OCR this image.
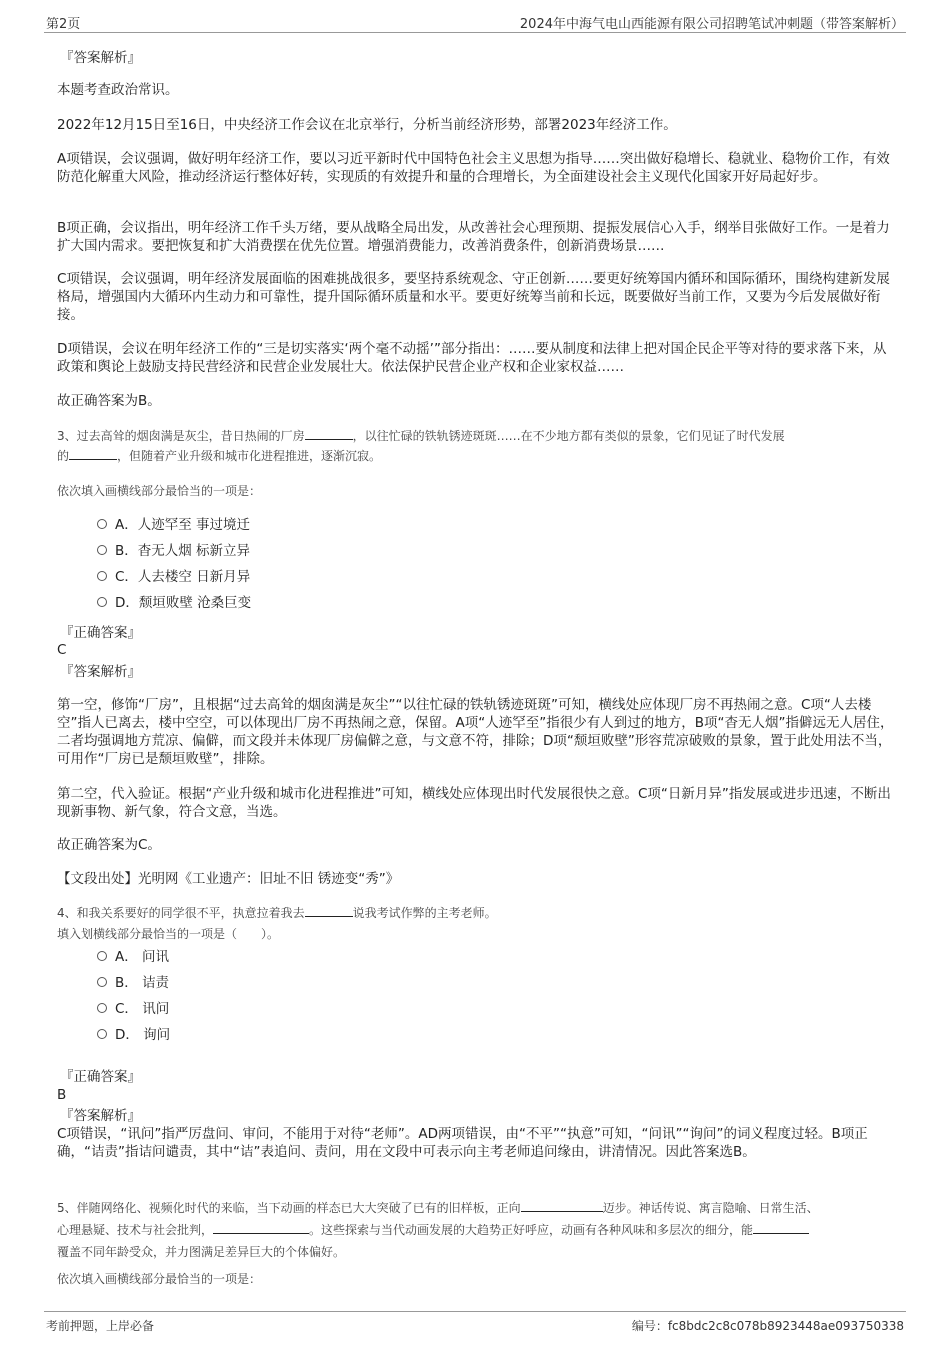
第2页	2024年中海气电山西能源有限公司招聘笔试冲刺题（带答案解析）
『答案解析』
本题考查政治常识。
2022年12月15日至16日，中央经济工作会议在北京举行，分析当前经济形势，部署2023年经济工作。
A项错误，会议强调，做好明年经济工作，要以习近平新时代中国特色社会主义思想为指导……突出做好稳增长、稳就业、稳物价工作，有效防范化解重大风险，推动经济运行整体好转，实现质的有效提升和量的合理增长，为全面建设社会主义现代化国家开好局起好步。
B项正确，会议指出，明年经济工作千头万绪，要从战略全局出发，从改善社会心理预期、提振发展信心入手，纲举目张做好工作。一是着力扩大国内需求。要把恢复和扩大消费摆在优先位置。增强消费能力，改善消费条件，创新消费场景……
C项错误，会议强调，明年经济发展面临的困难挑战很多，要坚持系统观念、守正创新……要更好统筹国内循环和国际循环，围绕构建新发展格局，增强国内大循环内生动力和可靠性，提升国际循环质量和水平。要更好统筹当前和长远，既要做好当前工作，又要为今后发展做好衔接。
D项错误，会议在明年经济工作的“三是切实落实‘两个毫不动摇’”部分指出：……要从制度和法律上把对国企民企平等对待的要求落下来，从政策和舆论上鼓励支持民营经济和民营企业发展壮大。依法保护民营企业产权和企业家权益……
故正确答案为B。
3、过去高耸的烟囱满是灰尘，昔日热闹的厂房	，以往忙碌的铁轨锈迹斑斑……在不少地方都有类似的景象，它们见证了时代发展
的	，但随着产业升级和城市化进程推进，逐渐沉寂。
依次填入画横线部分最恰当的一项是：
A．人迹罕至 事过境迁
B．杳无人烟 标新立异
C．人去楼空 日新月异
D．颓垣败壁 沧桑巨变
『正确答案』
C
『答案解析』
第一空，修饰“厂房”，且根据“过去高耸的烟囱满是灰尘”“以往忙碌的铁轨锈迹斑斑”可知，横线处应体现厂房不再热闹之意。C项“人去楼空”指人已离去，楼中空空，可以体现出厂房不再热闹之意，保留。A项“人迹罕至”指很少有人到过的地方，B项“杳无人烟”指僻远无人居住，二者均强调地方荒凉、偏僻，而文段并未体现厂房偏僻之意，与文意不符，排除；D项“颓垣败壁”形容荒凉破败的景象，置于此处用法不当，可用作“厂房已是颓垣败壁”，排除。
第二空，代入验证。根据“产业升级和城市化进程推进”可知，横线处应体现出时代发展很快之意。C项“日新月异”指发展或进步迅速，不断出现新事物、新气象，符合文意，当选。
故正确答案为C。
【文段出处】光明网《工业遗产：旧址不旧 锈迹变“秀”》
4、和我关系要好的同学很不平，执意拉着我去	说我考试作弊的主考老师。
填入划横线部分最恰当的一项是（　　）。
A． 问讯
B． 诘责
C． 讯问
D． 询问
『正确答案』
B
『答案解析』
C项错误，“讯问”指严厉盘问、审问，不能用于对待“老师”。AD两项错误，由“不平”“执意”可知，“问讯”“询问”的词义程度过轻。B项正确，“诘责”指诘问谴责，其中“诘”表追问、责问，用在文段中可表示向主考老师追问缘由，讲清情况。因此答案选B。
5、伴随网络化、视频化时代的来临，当下动画的样态已大大突破了已有的旧样板，正向	迈步。神话传说、寓言隐喻、日常生活、
心理悬疑、技术与社会批判，	。这些探索与当代动画发展的大趋势正好呼应，动画有各种风味和多层次的细分，能
覆盖不同年龄受众，并力图满足差异巨大的个体偏好。
依次填入画横线部分最恰当的一项是：
考前押题，上岸必备	编号：fc8bdc2c8c078b8923448ae093750338
